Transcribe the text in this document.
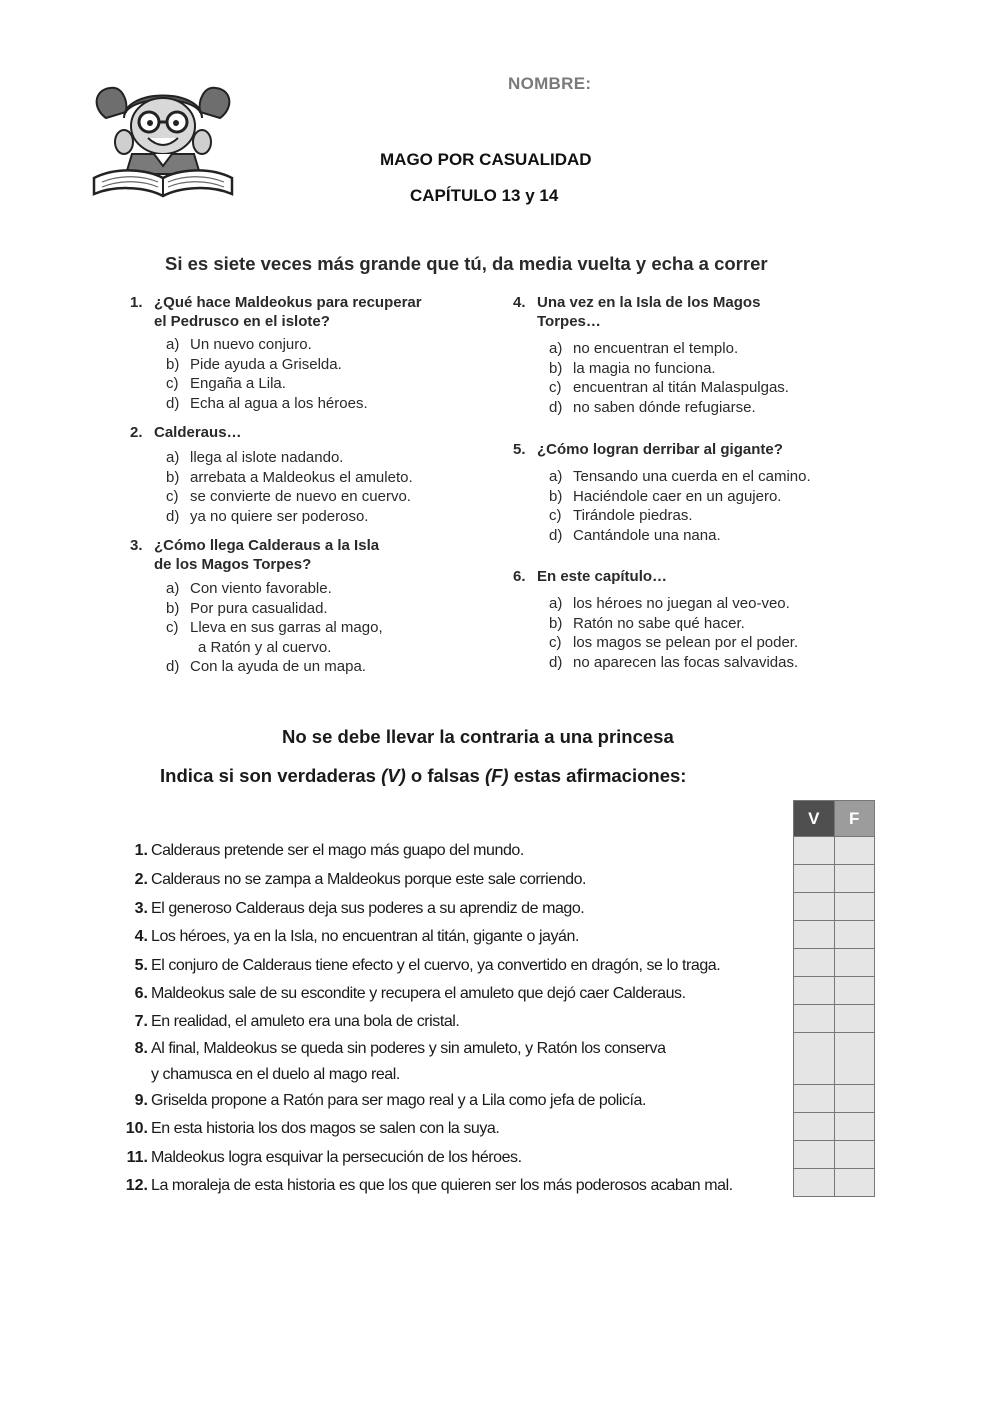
NOMBRE:
MAGO POR CASUALIDAD
CAPÍTULO 13 y 14
Si es siete veces más grande que tú, da media vuelta y echa a correr
1. ¿Qué hace Maldeokus para recuperar
el Pedrusco en el islote?
a) Un nuevo conjuro.
b) Pide ayuda a Griselda.
c) Engaña a Lila.
d) Echa al agua a los héroes.
2. Calderaus…
a) llega al islote nadando.
b) arrebata a Maldeokus el amuleto.
c) se convierte de nuevo en cuervo.
d) ya no quiere ser poderoso.
3. ¿Cómo llega Calderaus a la Isla
de los Magos Torpes?
a) Con viento favorable.
b) Por pura casualidad.
c) Lleva en sus garras al mago,
a Ratón y al cuervo.
d) Con la ayuda de un mapa.
4. Una vez en la Isla de los Magos
Torpes…
a) no encuentran el templo.
b) la magia no funciona.
c) encuentran al titán Malaspulgas.
d) no saben dónde refugiarse.
5. ¿Cómo logran derribar al gigante?
a) Tensando una cuerda en el camino.
b) Haciéndole caer en un agujero.
c) Tirándole piedras.
d) Cantándole una nana.
6. En este capítulo…
a) los héroes no juegan al veo-veo.
b) Ratón no sabe qué hacer.
c) los magos se pelean por el poder.
d) no aparecen las focas salvavidas.
No se debe llevar la contraria a una princesa
Indica si son verdaderas (V) o falsas (F) estas afirmaciones:
1. Calderaus pretende ser el mago más guapo del mundo.
2. Calderaus no se zampa a Maldeokus porque este sale corriendo.
3. El generoso Calderaus deja sus poderes a su aprendiz de mago.
4. Los héroes, ya en la Isla, no encuentran al titán, gigante o jayán.
5. El conjuro de Calderaus tiene efecto y el cuervo, ya convertido en dragón, se lo traga.
6. Maldeokus sale de su escondite y recupera el amuleto que dejó caer Calderaus.
7. En realidad, el amuleto era una bola de cristal.
8. Al final, Maldeokus se queda sin poderes y sin amuleto, y Ratón los conserva
y chamusca en el duelo al mago real.
9. Griselda propone a Ratón para ser mago real y a Lila como jefa de policía.
10. En esta historia los dos magos se salen con la suya.
11. Maldeokus logra esquivar la persecución de los héroes.
12. La moraleja de esta historia es que los que quieren ser los más poderosos acaban mal.
V	F
